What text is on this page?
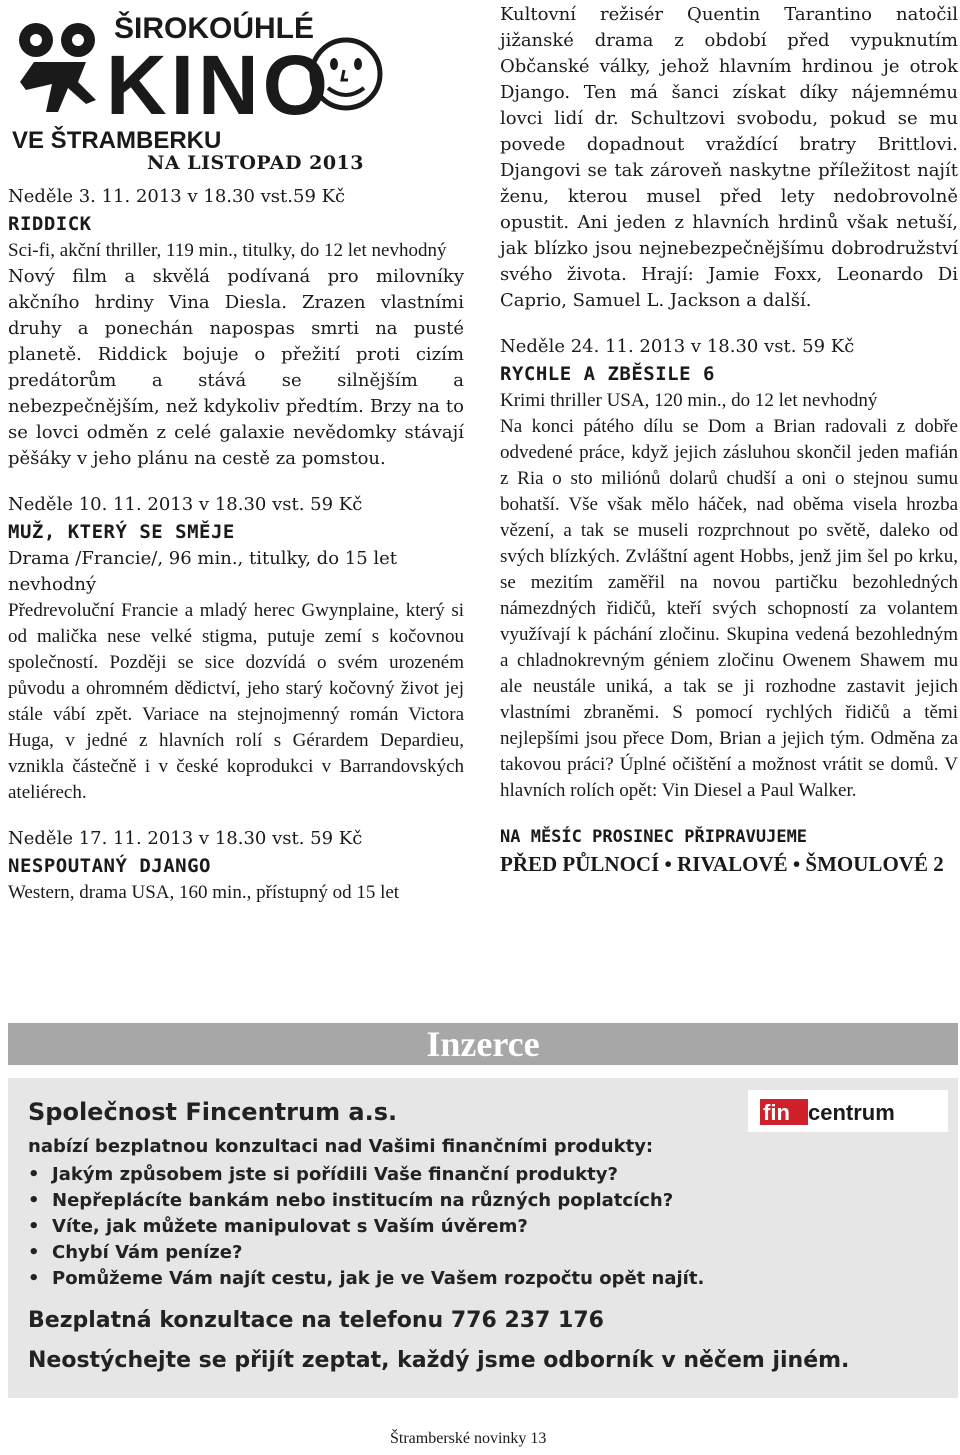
ŠIROKOÚHLÉ
KINO
VE ŠTRAMBERKU
NA LISTOPAD 2013
Neděle 3. 11. 2013 v 18.30 vst.59 Kč
RIDDICK
Sci-fi, akční thriller, 119 min., titulky, do 12 let nevhodný
Nový film a skvělá podívaná pro milovníky akčního hrdiny Vina Diesla. Zrazen vlastními druhy a ponechán napospas smrti na pusté planetě. Riddick bojuje o přežití proti cizím predátorům a stává se silnějším a nebezpečnějším, než kdykoliv předtím. Brzy na to se lovci odměn z celé galaxie nevědomky stávají pěšáky v jeho plánu na cestě za pomstou.
Neděle 10. 11. 2013 v 18.30 vst. 59 Kč
MUŽ, KTERÝ SE SMĚJE
Drama /Francie/, 96 min., titulky, do 15 let nevhodný
Předrevoluční Francie a mladý herec Gwynplaine, který si od malička nese velké stigma, putuje zemí s kočovnou společností. Později se sice dozvídá o svém urozeném původu a ohromném dědictví, jeho starý kočovný život jej stále vábí zpět. Variace na stejnojmenný román Victora Huga, v jedné z hlavních rolí s Gérardem Depardieu, vznikla částečně i v české koprodukci v Barrandovských ateliérech.
Neděle 17. 11. 2013 v 18.30 vst. 59 Kč
NESPOUTANÝ DJANGO
Western, drama USA, 160 min., přístupný od 15 let
Kultovní režisér Quentin Tarantino natočil jižanské drama z období před vypuknutím Občanské války, jehož hlavním hrdinou je otrok Django. Ten má šanci získat díky nájemnému lovci lidí dr. Schultzovi svobodu, pokud se mu povede dopadnout vraždící bratry Brittlovi. Djangovi se tak zároveň naskytne příležitost najít ženu, kterou musel před lety nedobrovolně opustit. Ani jeden z hlavních hrdinů však netuší, jak blízko jsou nejnebezpečnějšímu dobrodružství svého života. Hrají: Jamie Foxx, Leonardo Di Caprio, Samuel L. Jackson a další.
Neděle 24. 11. 2013 v 18.30 vst. 59 Kč
RYCHLE A ZBĚSILE 6
Krimi thriller USA, 120 min., do 12 let nevhodný
Na konci pátého dílu se Dom a Brian radovali z dobře odvedené práce, když jejich zásluhou skončil jeden mafián z Ria o sto miliónů dolarů chudší a oni o stejnou sumu bohatší. Vše však mělo háček, nad oběma visela hrozba vězení, a tak se museli rozprchnout po světě, daleko od svých blízkých. Zvláštní agent Hobbs, jenž jim šel po krku, se mezitím zaměřil na novou partičku bezohledných námezdných řidičů, kteří svých schopností za volantem využívají k páchání zločinu. Skupina vedená bezohledným a chladnokrevným géniem zločinu Owenem Shawem mu ale neustále uniká, a tak se ji rozhodne zastavit jejich vlastními zbraněmi. S pomocí rychlých řidičů a těmi nejlepšími jsou přece Dom, Brian a jejich tým. Odměna za takovou práci? Úplné očištění a možnost vrátit se domů. V hlavních rolích opět: Vin Diesel a Paul Walker.
NA MĚSÍC PROSINEC PŘIPRAVUJEME
PŘED PŮLNOCÍ • RIVALOVÉ • ŠMOULOVÉ 2
Inzerce
Společnost Fincentrum a.s.	fin centrum
nabízí bezplatnou konzultaci nad Vašimi finančními produkty:
• Jakým způsobem jste si pořídili Vaše finanční produkty?
• Nepřeplácíte bankám nebo institucím na různých poplatcích?
• Víte, jak můžete manipulovat s Vaším úvěrem?
• Chybí Vám peníze?
• Pomůžeme Vám najít cestu, jak je ve Vašem rozpočtu opět najít.
Bezplatná konzultace na telefonu 776 237 176
Neostýchejte se přijít zeptat, každý jsme odborník v něčem jiném.
Štramberské novinky 13
